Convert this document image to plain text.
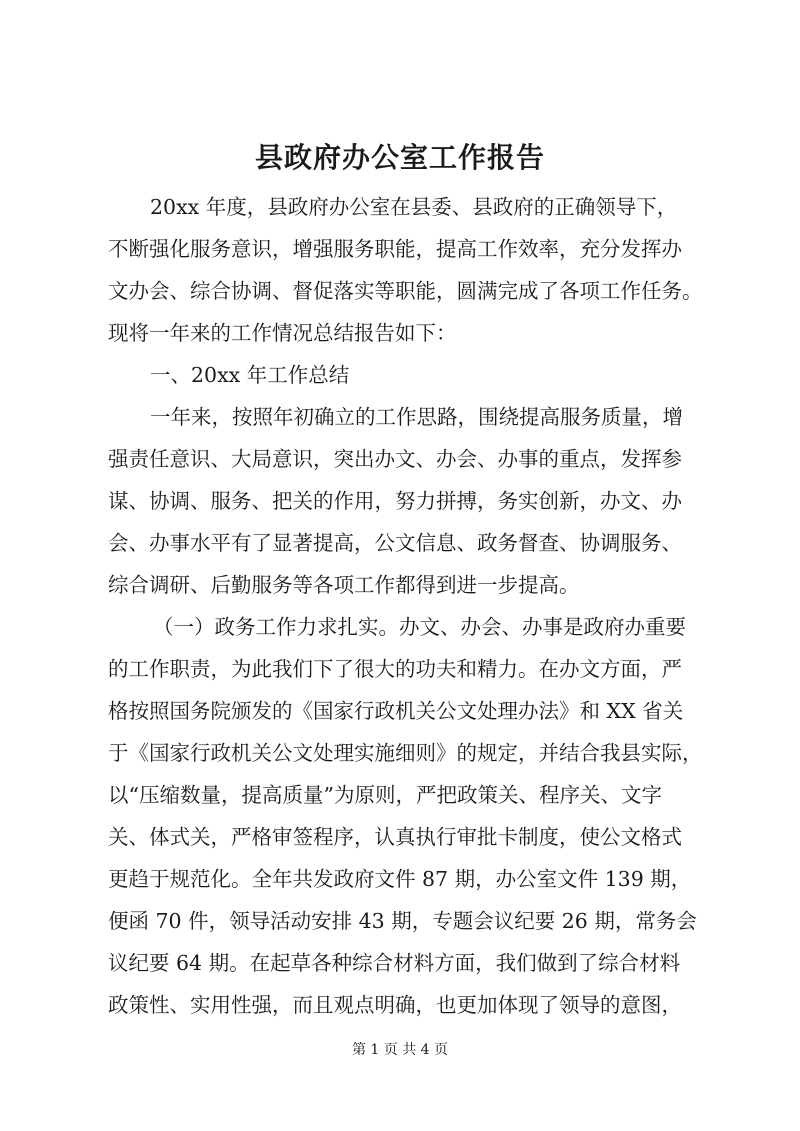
县政府办公室工作报告
20xx 年度，县政府办公室在县委、县政府的正确领导下，
不断强化服务意识，增强服务职能，提高工作效率，充分发挥办
文办会、综合协调、督促落实等职能，圆满完成了各项工作任务。
现将一年来的工作情况总结报告如下：
一、20xx 年工作总结
一年来，按照年初确立的工作思路，围绕提高服务质量，增
强责任意识、大局意识，突出办文、办会、办事的重点，发挥参
谋、协调、服务、把关的作用，努力拼搏，务实创新，办文、办
会、办事水平有了显著提高，公文信息、政务督查、协调服务、
综合调研、后勤服务等各项工作都得到进一步提高。
（一）政务工作力求扎实。办文、办会、办事是政府办重要
的工作职责，为此我们下了很大的功夫和精力。在办文方面，严
格按照国务院颁发的《国家行政机关公文处理办法》和 XX 省关
于《国家行政机关公文处理实施细则》的规定，并结合我县实际，
以“压缩数量，提高质量”为原则，严把政策关、程序关、文字
关、体式关，严格审签程序，认真执行审批卡制度，使公文格式
更趋于规范化。全年共发政府文件 87 期，办公室文件 139 期，
便函 70 件，领导活动安排 43 期，专题会议纪要 26 期，常务会
议纪要 64 期。在起草各种综合材料方面，我们做到了综合材料
政策性、实用性强，而且观点明确，也更加体现了领导的意图，
第 1 页 共 4 页
